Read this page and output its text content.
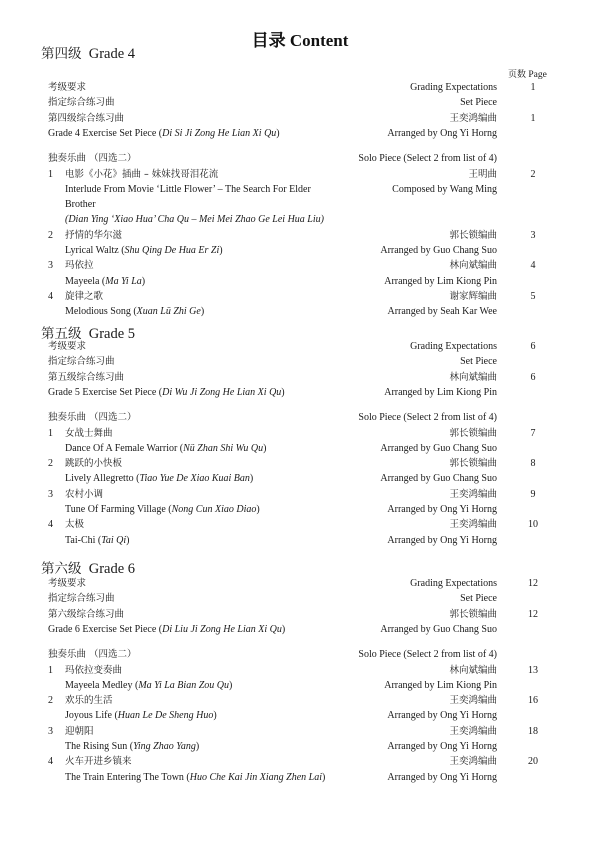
目录 Content
页数 Page
第四级 Grade 4
考级要求	Grading Expectations	1
指定综合练习曲	Set Piece
第四级综合练习曲	王奕鸿编曲	1
Grade 4 Exercise Set Piece (Di Si Ji Zong He Lian Xi Qu)	Arranged by Ong Yi Horng
独奏乐曲 （四选二）	Solo Piece (Select 2 from list of 4)
1 电影《小花》插曲 – 妹妹找哥泪花流	王明曲	2
Interlude From Movie ‘Little Flower’ – The Search For Elder	Composed by Wang Ming
Brother
(Dian Ying ‘Xiao Hua’ Cha Qu – Mei Mei Zhao Ge Lei Hua Liu)
2 抒情的华尔滋	郭长锁编曲	3
Lyrical Waltz (Shu Qing De Hua Er Zi)	Arranged by Guo Chang Suo
3 玛依拉	林向斌编曲	4
Mayeela (Ma Yi La)	Arranged by Lim Kiong Pin
4 旋律之歌	谢家辉编曲	5
Melodious Song (Xuan Lü Zhi Ge)	Arranged by Seah Kar Wee
第五级 Grade 5
考级要求	Grading Expectations	6
指定综合练习曲	Set Piece
第五级综合练习曲	林向斌编曲	6
Grade 5 Exercise Set Piece (Di Wu Ji Zong He Lian Xi Qu)	Arranged by Lim Kiong Pin
独奏乐曲 （四选二）	Solo Piece (Select 2 from list of 4)
1 女战士舞曲	郭长锁编曲	7
Dance Of A Female Warrior (Nü Zhan Shi Wu Qu)	Arranged by Guo Chang Suo
2 跳跃的小快板	郭长锁编曲	8
Lively Allegretto (Tiao Yue De Xiao Kuai Ban)	Arranged by Guo Chang Suo
3 农村小调	王奕鸿编曲	9
Tune Of Farming Village (Nong Cun Xiao Diao)	Arranged by Ong Yi Horng
4 太极	王奕鸿编曲	10
Tai-Chi (Tai Qi)	Arranged by Ong Yi Horng
第六级 Grade 6
考级要求	Grading Expectations	12
指定综合练习曲	Set Piece
第六级综合练习曲	郭长锁编曲	12
Grade 6 Exercise Set Piece (Di Liu Ji Zong He Lian Xi Qu)	Arranged by Guo Chang Suo
独奏乐曲 （四选二）	Solo Piece (Select 2 from list of 4)
1 玛依拉变奏曲	林向斌编曲	13
Mayeela Medley (Ma Yi La Bian Zou Qu)	Arranged by Lim Kiong Pin
2 欢乐的生活	王奕鸿编曲	16
Joyous Life (Huan Le De Sheng Huo)	Arranged by Ong Yi Horng
3 迎朝阳	王奕鸿编曲	18
The Rising Sun (Ying Zhao Yang)	Arranged by Ong Yi Horng
4 火车开进乡镇来	王奕鸿编曲	20
The Train Entering The Town (Huo Che Kai Jin Xiang Zhen Lai)	Arranged by Ong Yi Horng
